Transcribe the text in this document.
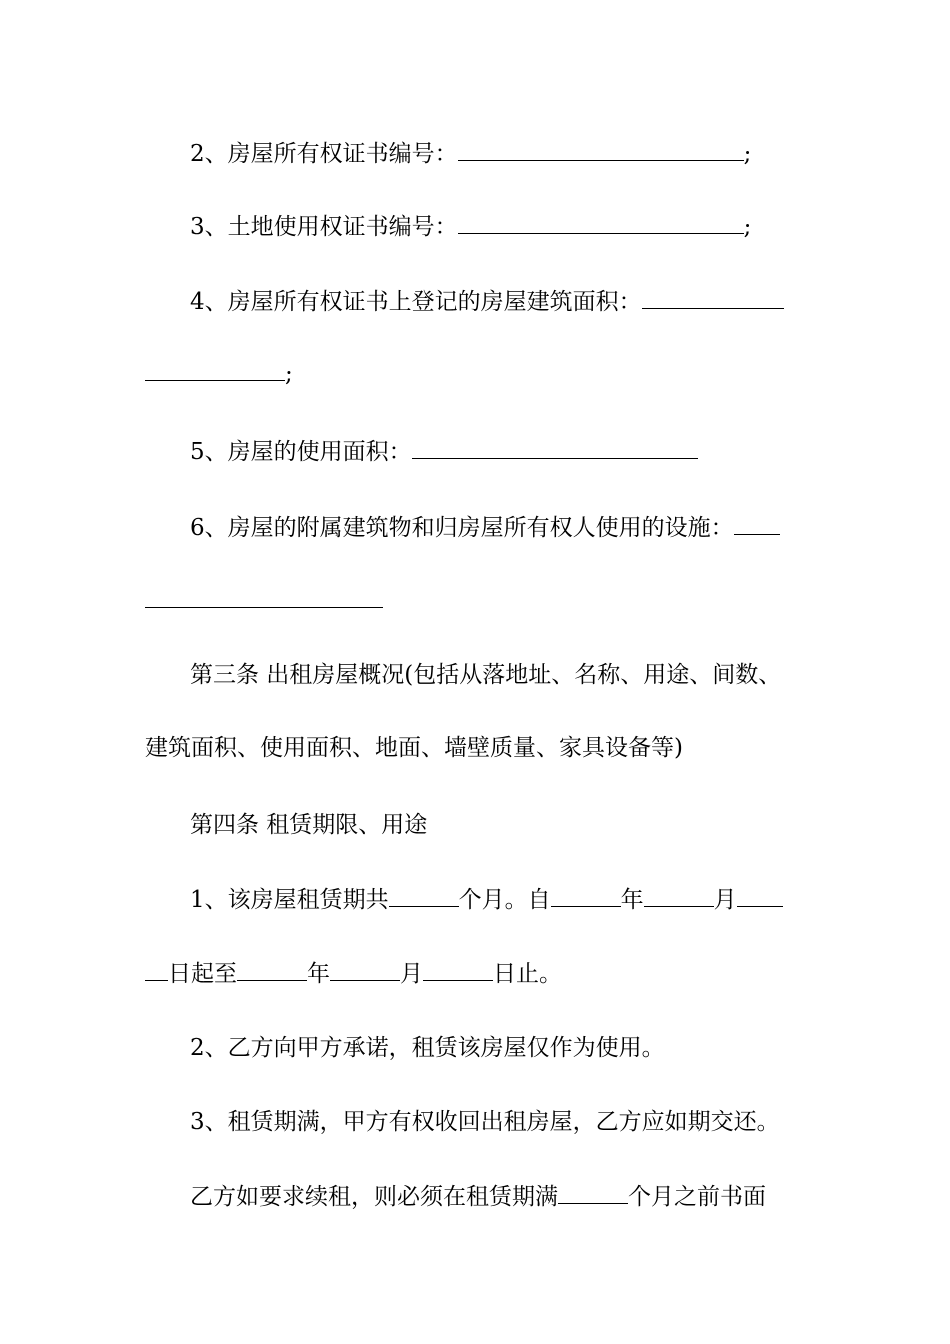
2、房屋所有权证书编号：	;
3、土地使用权证书编号：	;
4、房屋所有权证书上登记的房屋建筑面积：
;
5、房屋的使用面积：
6、房屋的附属建筑物和归房屋所有权人使用的设施：
第三条 出租房屋概况(包括从落地址、名称、用途、间数、
建筑面积、使用面积、地面、墙壁质量、家具设备等)
第四条 租赁期限、用途
1、该房屋租赁期共	个月。自	年	月
日起至	年	月	日止。
2、乙方向甲方承诺，租赁该房屋仅作为使用。
3、租赁期满，甲方有权收回出租房屋，乙方应如期交还。
乙方如要求续租，则必须在租赁期满	个月之前书面
